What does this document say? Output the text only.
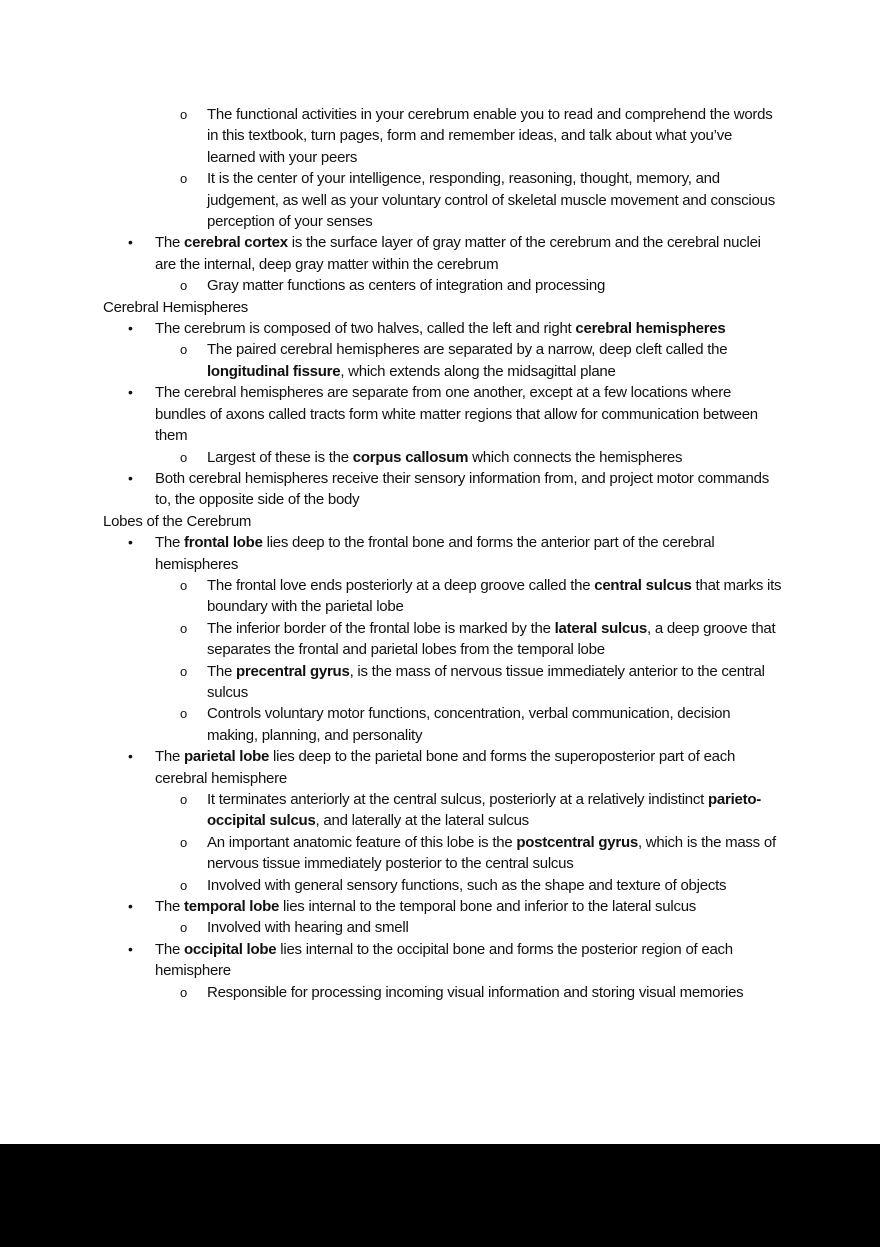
o The functional activities in your cerebrum enable you to read and comprehend the words in this textbook, turn pages, form and remember ideas, and talk about what you’ve learned with your peers
o It is the center of your intelligence, responding, reasoning, thought, memory, and judgement, as well as your voluntary control of skeletal muscle movement and conscious perception of your senses
• The cerebral cortex is the surface layer of gray matter of the cerebrum and the cerebral nuclei are the internal, deep gray matter within the cerebrum
o Gray matter functions as centers of integration and processing
Cerebral Hemispheres
• The cerebrum is composed of two halves, called the left and right cerebral hemispheres
o The paired cerebral hemispheres are separated by a narrow, deep cleft called the longitudinal fissure, which extends along the midsagittal plane
• The cerebral hemispheres are separate from one another, except at a few locations where bundles of axons called tracts form white matter regions that allow for communication between them
o Largest of these is the corpus callosum which connects the hemispheres
• Both cerebral hemispheres receive their sensory information from, and project motor commands to, the opposite side of the body
Lobes of the Cerebrum
• The frontal lobe lies deep to the frontal bone and forms the anterior part of the cerebral hemispheres
o The frontal love ends posteriorly at a deep groove called the central sulcus that marks its boundary with the parietal lobe
o The inferior border of the frontal lobe is marked by the lateral sulcus, a deep groove that separates the frontal and parietal lobes from the temporal lobe
o The precentral gyrus, is the mass of nervous tissue immediately anterior to the central sulcus
o Controls voluntary motor functions, concentration, verbal communication, decision making, planning, and personality
• The parietal lobe lies deep to the parietal bone and forms the superoposterior part of each cerebral hemisphere
o It terminates anteriorly at the central sulcus, posteriorly at a relatively indistinct parieto-occipital sulcus, and laterally at the lateral sulcus
o An important anatomic feature of this lobe is the postcentral gyrus, which is the mass of nervous tissue immediately posterior to the central sulcus
o Involved with general sensory functions, such as the shape and texture of objects
• The temporal lobe lies internal to the temporal bone and inferior to the lateral sulcus
o Involved with hearing and smell
• The occipital lobe lies internal to the occipital bone and forms the posterior region of each hemisphere
o Responsible for processing incoming visual information and storing visual memories
